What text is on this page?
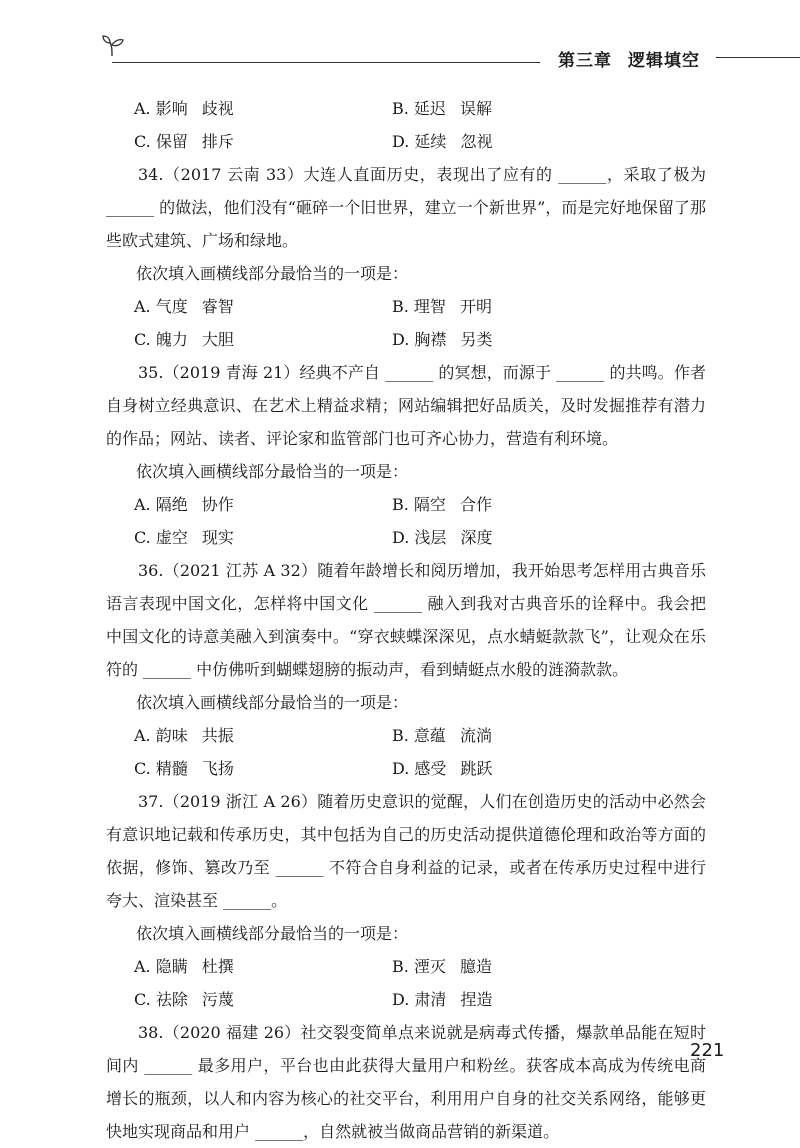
第三章 逻辑填空
A. 影响 歧视	B. 延迟 误解
C. 保留 排斥	D. 延续 忽视

34.（2017 云南 33）大连人直面历史，表现出了应有的 ______，采取了极为 ______ 的做法，他们没有“砸碎一个旧世界，建立一个新世界”，而是完好地保留了那些欧式建筑、广场和绿地。

依次填入画横线部分最恰当的一项是：
A. 气度 睿智	B. 理智 开明
C. 魄力 大胆	D. 胸襟 另类

35.（2019 青海 21）经典不产自 ______ 的冥想，而源于 ______ 的共鸣。作者自身树立经典意识、在艺术上精益求精；网站编辑把好品质关，及时发掘推荐有潜力的作品；网站、读者、评论家和监管部门也可齐心协力，营造有利环境。

依次填入画横线部分最恰当的一项是：
A. 隔绝 协作	B. 隔空 合作
C. 虚空 现实	D. 浅层 深度

36.（2021 江苏 A 32）随着年龄增长和阅历增加，我开始思考怎样用古典音乐语言表现中国文化，怎样将中国文化 ______ 融入到我对古典音乐的诠释中。我会把中国文化的诗意美融入到演奏中。“穿衣蛱蝶深深见，点水蜻蜓款款飞”，让观众在乐符的 ______ 中仿佛听到蝴蝶翅膀的振动声，看到蜻蜓点水般的涟漪款款。

依次填入画横线部分最恰当的一项是：
A. 韵味 共振	B. 意蕴 流淌
C. 精髓 飞扬	D. 感受 跳跃

37.（2019 浙江 A 26）随着历史意识的觉醒，人们在创造历史的活动中必然会有意识地记载和传承历史，其中包括为自己的历史活动提供道德伦理和政治等方面的依据，修饰、篡改乃至 ______ 不符合自身利益的记录，或者在传承历史过程中进行夸大、渲染甚至 ______。

依次填入画横线部分最恰当的一项是：
A. 隐瞒 杜撰	B. 湮灭 臆造
C. 祛除 污蔑	D. 肃清 捏造

38.（2020 福建 26）社交裂变简单点来说就是病毒式传播，爆款单品能在短时间内 ______ 最多用户，平台也由此获得大量用户和粉丝。获客成本高成为传统电商增长的瓶颈，以人和内容为核心的社交平台，利用用户自身的社交关系网络，能够更快地实现商品和用户 ______，自然就被当做商品营销的新渠道。

221
